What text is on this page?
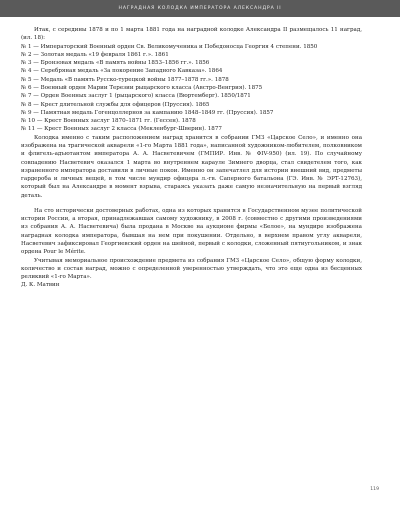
НАГРАДНАЯ КОЛОДКА ИМПЕРАТОРА АЛЕКСАНДРА II

Итак, с середины 1878 и по 1 марта 1881 года на наградной колодке Александра II размещалось 11 наград, (ил. 18):

№ 1 — Императорский Военный орден Св. Великомученика и Победоносца Георгия 4 степени. 1850
№ 2 — Золотая медаль «19 февраля 1861 г.». 1861
№ 3 — Бронзовая медаль «В память войны 1853–1856 гг.». 1856
№ 4 — Серебряная медаль «За покорение Западного Кавказа». 1864
№ 5 — Медаль «В память Русско-турецкой войны 1877–1878 гг.». 1878
№ 6 — Военный орден Марии Терезии рыцарского класса (Австро-Венгрия). 1875
№ 7 — Орден Военных заслуг 1 (рыцарского) класса (Вюртемберг). 1850/1871
№ 8 — Крест длительной службы для офицеров (Пруссия). 1865
№ 9 — Памятная медаль Гогенцоллернов за кампанию 1848–1849 гг. (Пруссия). 1857
№ 10 — Крест Военных заслуг 1870–1871 гг. (Гессен). 1878
№ 11 — Крест Военных заслуг 2 класса (Мекленбург-Шверин). 1877

Колодка именно с таким расположением наград хранится в собрании ГМЗ «Царское Село», и именно она изображена на трагической акварели «1-го Марта 1881 года», написанной художником-любителем, полковником и флигель-адъютантом императора А. А. Насветевичем (ГМПИР. Инв. № ФIV-950) (ил. 19). По случайному совпадению Насветевич оказался 1 марта во внутреннем карауле Зимнего дворца, стал свидетелем того, как израненного императора доставили в личные покои. Именно он запечатлел для истории внешний вид, предметы гардероба и личных вещей, в том числе мундир офицера л.-гв. Саперного батальона (ГЭ. Инв. № ЭРТ-12763), который был на Александре в момент взрыва, стараясь указать даже самую незначительную на первый взгляд деталь.

На сто исторически достоверных работах, одна из которых хранится в Государственном музее политической истории России, а вторая, принадлежавшая самому художнику, в 2008 г. (совместно с другими произведениями из собрания А. А. Насветевича) была продана в Москве на аукционе фирмы «Белое», на мундире изображена наградная колодка императора, бывшая на нем при покушении. Отдельно, в верхнем правом углу акварели, Насветевич зафиксировал Георгиевский орден на шейной, первый с колодки, сложенный пятиугольником, и знак ордена Pour le Mérite.

Учитывая мемориальное происхождение предмета из собрания ГМЗ «Царское Село», общую форму колодки, количество и состав наград, можно с определенной уверенностью утверждать, что это еще одна из бесценных реликвий «1-го Марта».

Д. К. Матвин

119
